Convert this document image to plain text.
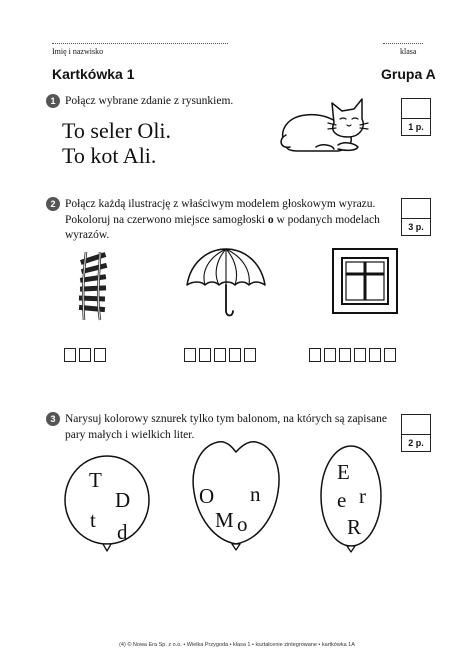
Imię i nazwisko	klasa
Kartkówka 1	Grupa A
1 Połącz wybrane zdanie z rysunkiem.
To seler Oli.
To kot Ali.
1 p.
2 Połącz każdą ilustrację z właściwym modelem głoskowym wyrazu.
Pokoloruj na czerwono miejsce samogłoski o w podanych modelach
wyrazów.
3 p.
3 Narysuj kolorowy sznurek tylko tym balonom, na których są zapisane
pary małych i wielkich liter.
2 p.
T
D
t d
O n
M o
E
e r
R
(4) © Nowa Era Sp. z o.o. • Wielka Przygoda • klasa 1 • kształcenie zintegrowane • kartkówka 1A
